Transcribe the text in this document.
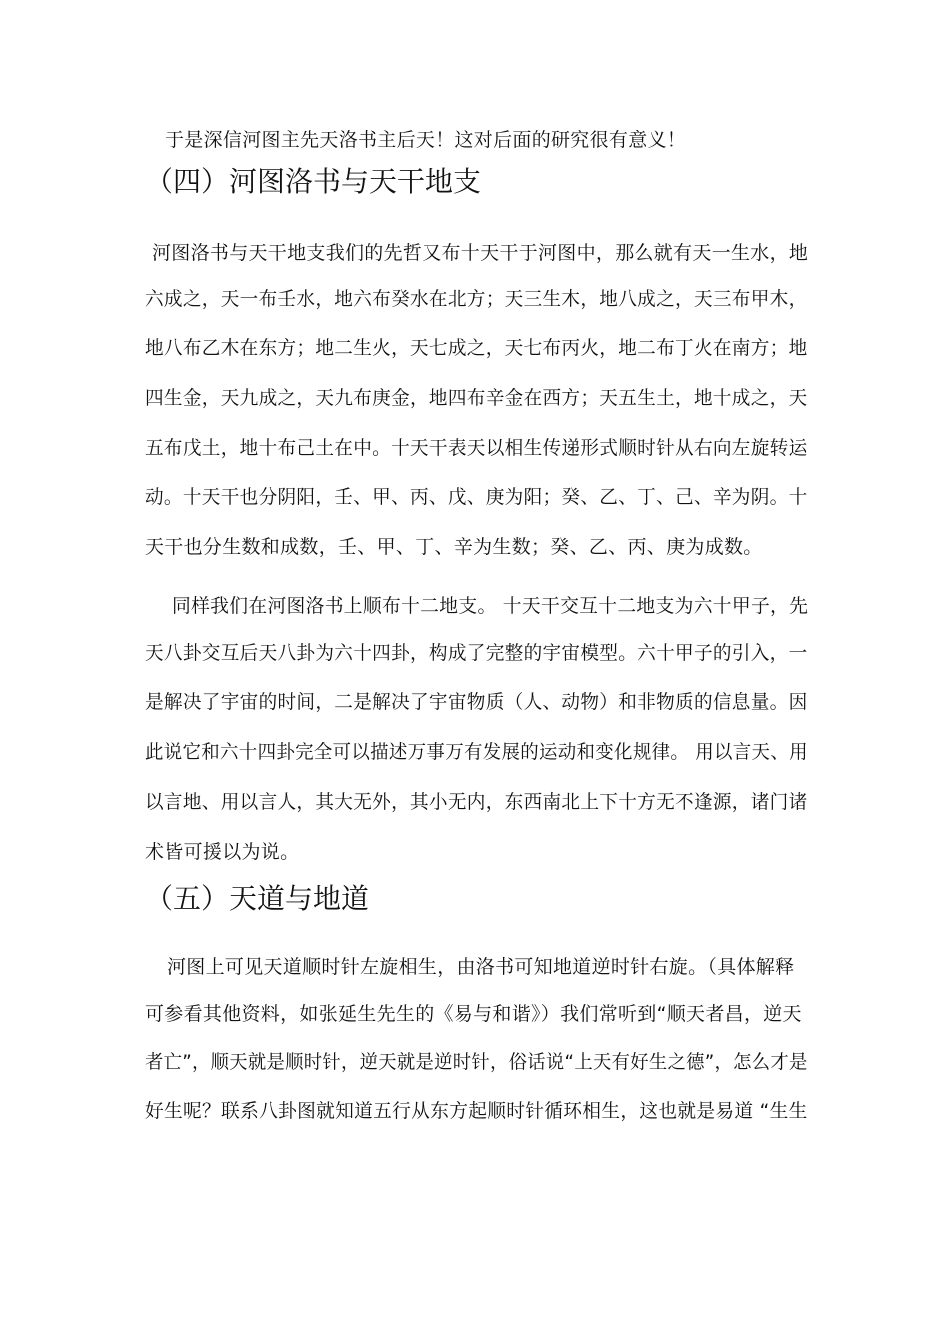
于是深信河图主先天洛书主后天！这对后面的研究很有意义！
（四）河图洛书与天干地支
河图洛书与天干地支我们的先哲又布十天干于河图中，那么就有天一生水，地
六成之，天一布壬水，地六布癸水在北方；天三生木，地八成之，天三布甲木，
地八布乙木在东方；地二生火，天七成之，天七布丙火，地二布丁火在南方；地
四生金，天九成之，天九布庚金，地四布辛金在西方；天五生土，地十成之，天
五布戊土，地十布己土在中。十天干表天以相生传递形式顺时针从右向左旋转运
动。十天干也分阴阳，壬、甲、丙、戊、庚为阳；癸、乙、丁、己、辛为阴。十
天干也分生数和成数，壬、甲、丁、辛为生数；癸、乙、丙、庚为成数。
同样我们在河图洛书上顺布十二地支。 十天干交互十二地支为六十甲子，先
天八卦交互后天八卦为六十四卦，构成了完整的宇宙模型。六十甲子的引入，一
是解决了宇宙的时间，二是解决了宇宙物质（人、动物）和非物质的信息量。因
此说它和六十四卦完全可以描述万事万有发展的运动和变化规律。 用以言天、用
以言地、用以言人，其大无外，其小无内，东西南北上下十方无不逢源，诸门诸
术皆可援以为说。
（五）天道与地道
河图上可见天道顺时针左旋相生，由洛书可知地道逆时针右旋。（具体解释
可参看其他资料，如张延生先生的《易与和谐》）我们常听到“顺天者昌，逆天
者亡”，顺天就是顺时针，逆天就是逆时针，俗话说“上天有好生之德”，怎么才是
好生呢？联系八卦图就知道五行从东方起顺时针循环相生，这也就是易道 “生生
